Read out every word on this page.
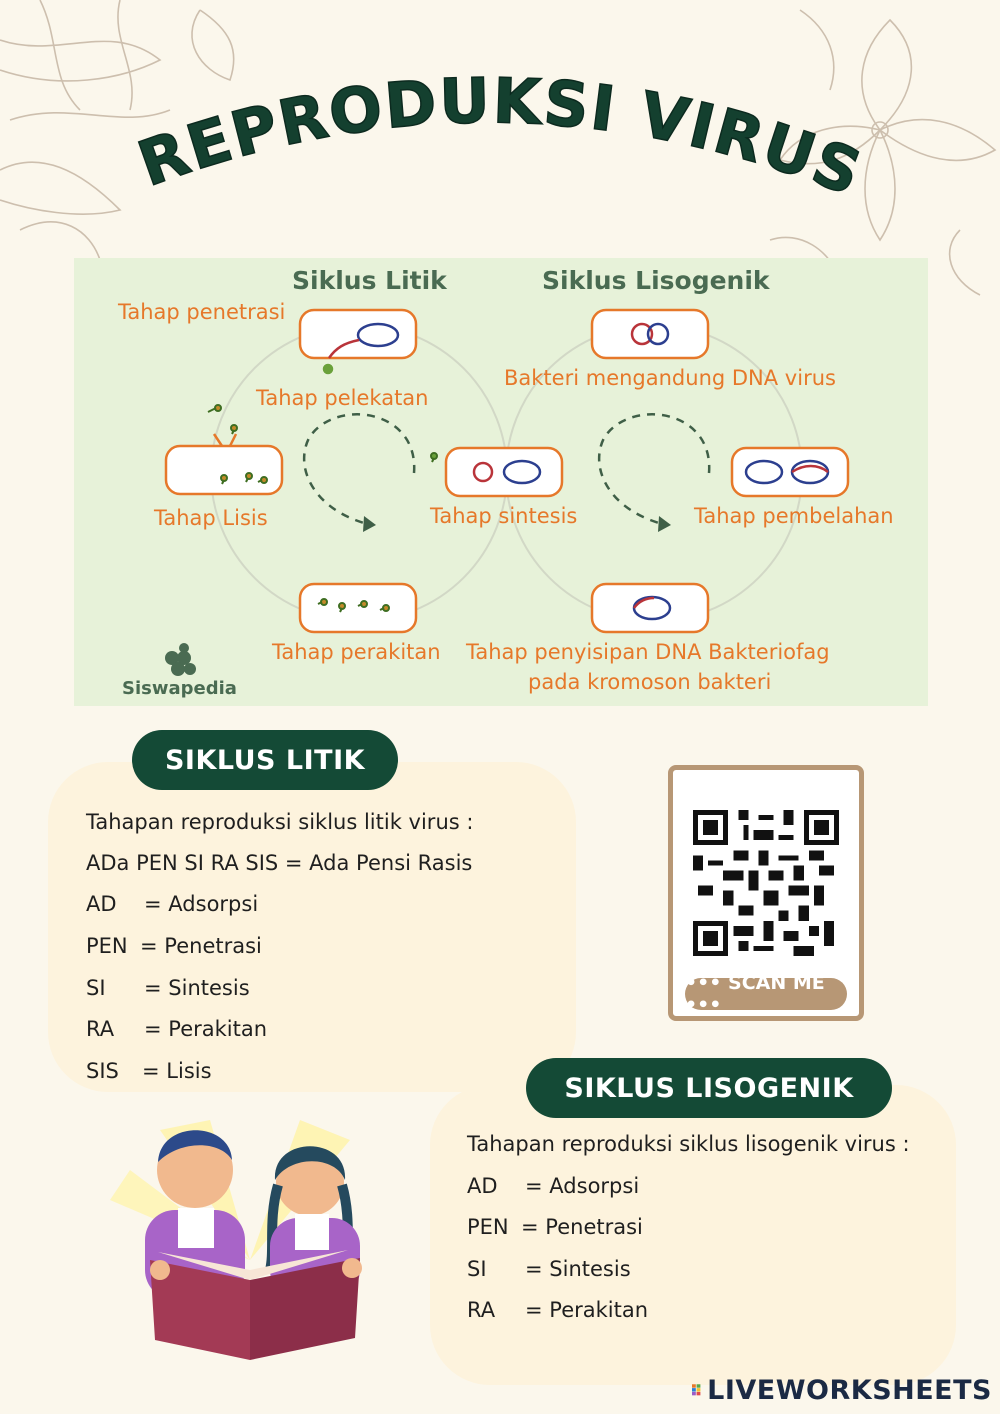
REPRODUKSI VIRUS
Siklus Litik	Siklus Lisogenik
Tahap penetrasi
Tahap pelekatan
Tahap Lisis	Tahap sintesis
Tahap perakitan
Bakteri mengandung DNA virus
Tahap pembelahan
Tahap penyisipan DNA Bakteriofag
pada kromoson bakteri
Siswapedia
SIKLUS LITIK
Tahapan reproduksi siklus litik virus :
ADa PEN SI RA SIS = Ada Pensi Rasis
AD = Adsorpsi
PEN = Penetrasi
SI = Sintesis
RA = Perakitan
SIS = Lisis
••• SCAN ME •••
SIKLUS LISOGENIK
Tahapan reproduksi siklus lisogenik virus :
AD = Adsorpsi
PEN = Penetrasi
SI = Sintesis
RA = Perakitan
LIVEWORKSHEETS
